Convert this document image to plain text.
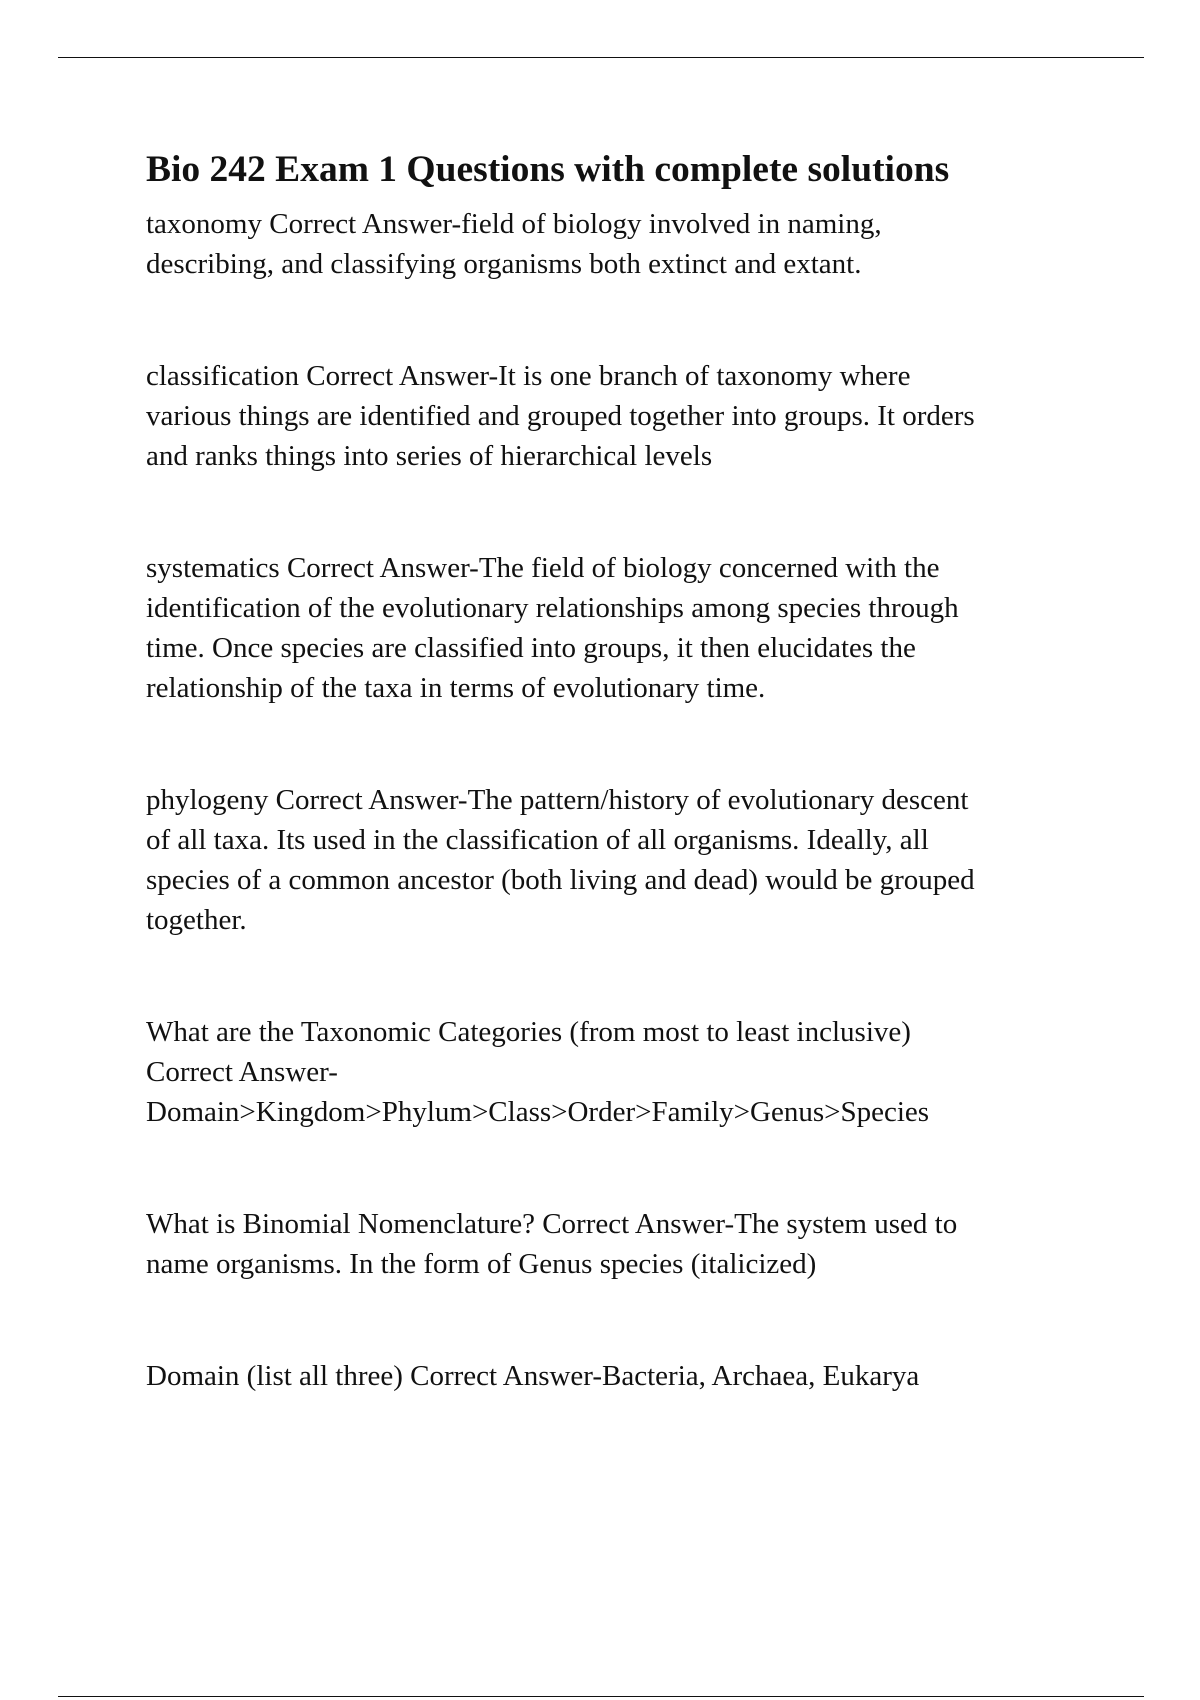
Bio 242 Exam 1 Questions with complete solutions
taxonomy Correct Answer-field of biology involved in naming,
describing, and classifying organisms both extinct and extant.
classification Correct Answer-It is one branch of taxonomy where
various things are identified and grouped together into groups. It orders
and ranks things into series of hierarchical levels
systematics Correct Answer-The field of biology concerned with the
identification of the evolutionary relationships among species through
time. Once species are classified into groups, it then elucidates the
relationship of the taxa in terms of evolutionary time.
phylogeny Correct Answer-The pattern/history of evolutionary descent
of all taxa. Its used in the classification of all organisms. Ideally, all
species of a common ancestor (both living and dead) would be grouped
together.
What are the Taxonomic Categories (from most to least inclusive)
Correct Answer-
Domain>Kingdom>Phylum>Class>Order>Family>Genus>Species
What is Binomial Nomenclature? Correct Answer-The system used to
name organisms. In the form of Genus species (italicized)
Domain (list all three) Correct Answer-Bacteria, Archaea, Eukarya
